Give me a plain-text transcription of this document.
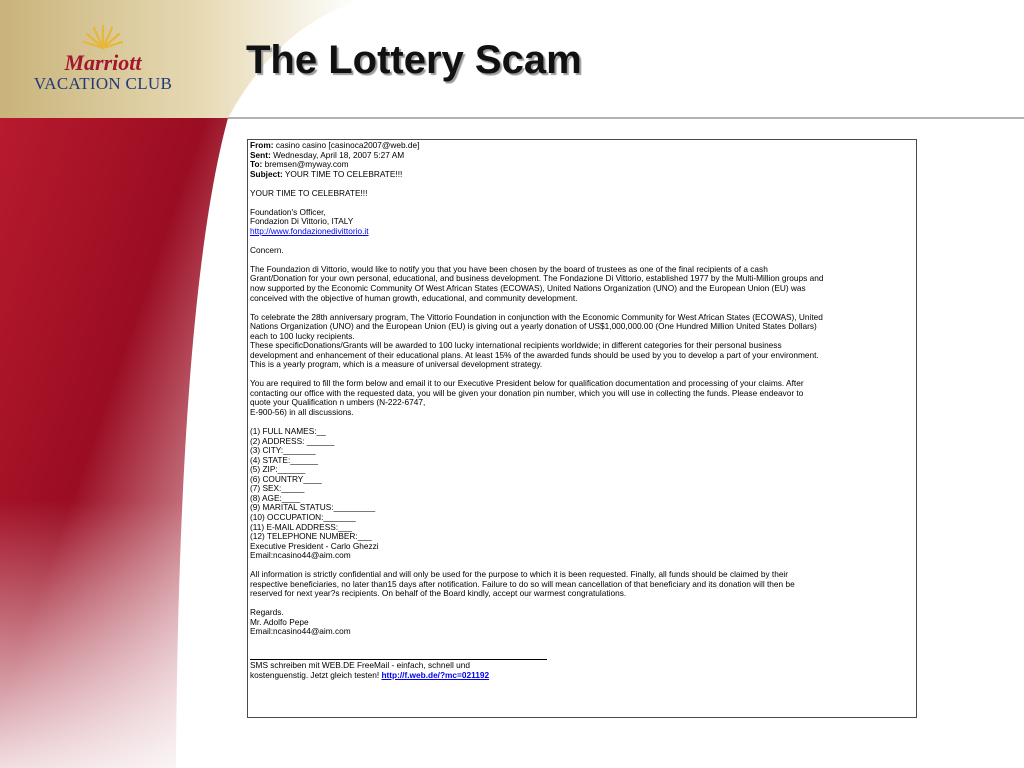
Marriott
VACATION CLUB
The Lottery Scam

From: casino casino [casinoca2007@web.de]

Sent: Wednesday, April 18, 2007 5:27 AM

To: bremsen@myway.com

Subject: YOUR TIME TO CELEBRATE!!!

YOUR TIME TO CELEBRATE!!!

Foundation's Officer,

Fondazion Di Vittorio, ITALY

http://www.fondazionedivittorio.it

Concern.

The Foundazion di Vittorio, would like to notify you that you have been chosen by the board of trustees as one of the final recipients of a cash

Grant/Donation for your own personal, educational, and business development. The Fondazione Di Vittorio, established 1977 by the Multi-Million groups and

now supported by the Economic Community Of West African States (ECOWAS), United Nations Organization (UNO) and the European Union (EU) was

conceived with the objective of human growth, educational, and community development.

To celebrate the 28th anniversary program, The Vittorio Foundation in conjunction with the Economic Community for West African States (ECOWAS), United

Nations Organization (UNO) and the European Union (EU) is giving out a yearly donation of US$1,000,000.00 (One Hundred Million United States Dollars)

each to 100 lucky recipients.

These specificDonations/Grants will be awarded to 100 lucky international recipients worldwide; in different categories for their personal business

development and enhancement of their educational plans. At least 15% of the awarded funds should be used by you to develop a part of your environment.

This is a yearly program, which is a measure of universal development strategy.

You are required to fill the form below and email it to our Executive President below for qualification documentation and processing of your claims. After

contacting our office with the requested data, you will be given your donation pin number, which you will use in collecting the funds. Please endeavor to

quote your Qualification n umbers (N-222-6747,

E-900-56) in all discussions.

(1) FULL NAMES:__

(2) ADDRESS: ______

(3) CITY:_______

(4) STATE:______

(5) ZIP:______

(6) COUNTRY____

(7) SEX:_____

(8) AGE:____

(9) MARITAL STATUS:_________

(10) OCCUPATION:_______

(11) E-MAIL ADDRESS:___

(12) TELEPHONE NUMBER:___

Executive President - Carlo Ghezzi

Email:ncasino44@aim.com

All information is strictly confidential and will only be used for the purpose to which it is been requested. Finally, all funds should be claimed by their

respective beneficiaries, no later than15 days after notification. Failure to do so will mean cancellation of that beneficiary and its donation will then be

reserved for next year?s recipients. On behalf of the Board kindly, accept our warmest congratulations.

Regards.

Mr. Adolfo Pepe

Email:ncasino44@aim.com

SMS schreiben mit WEB.DE FreeMail - einfach, schnell und

kostenguenstig. Jetzt gleich testen! http://f.web.de/?mc=021192
